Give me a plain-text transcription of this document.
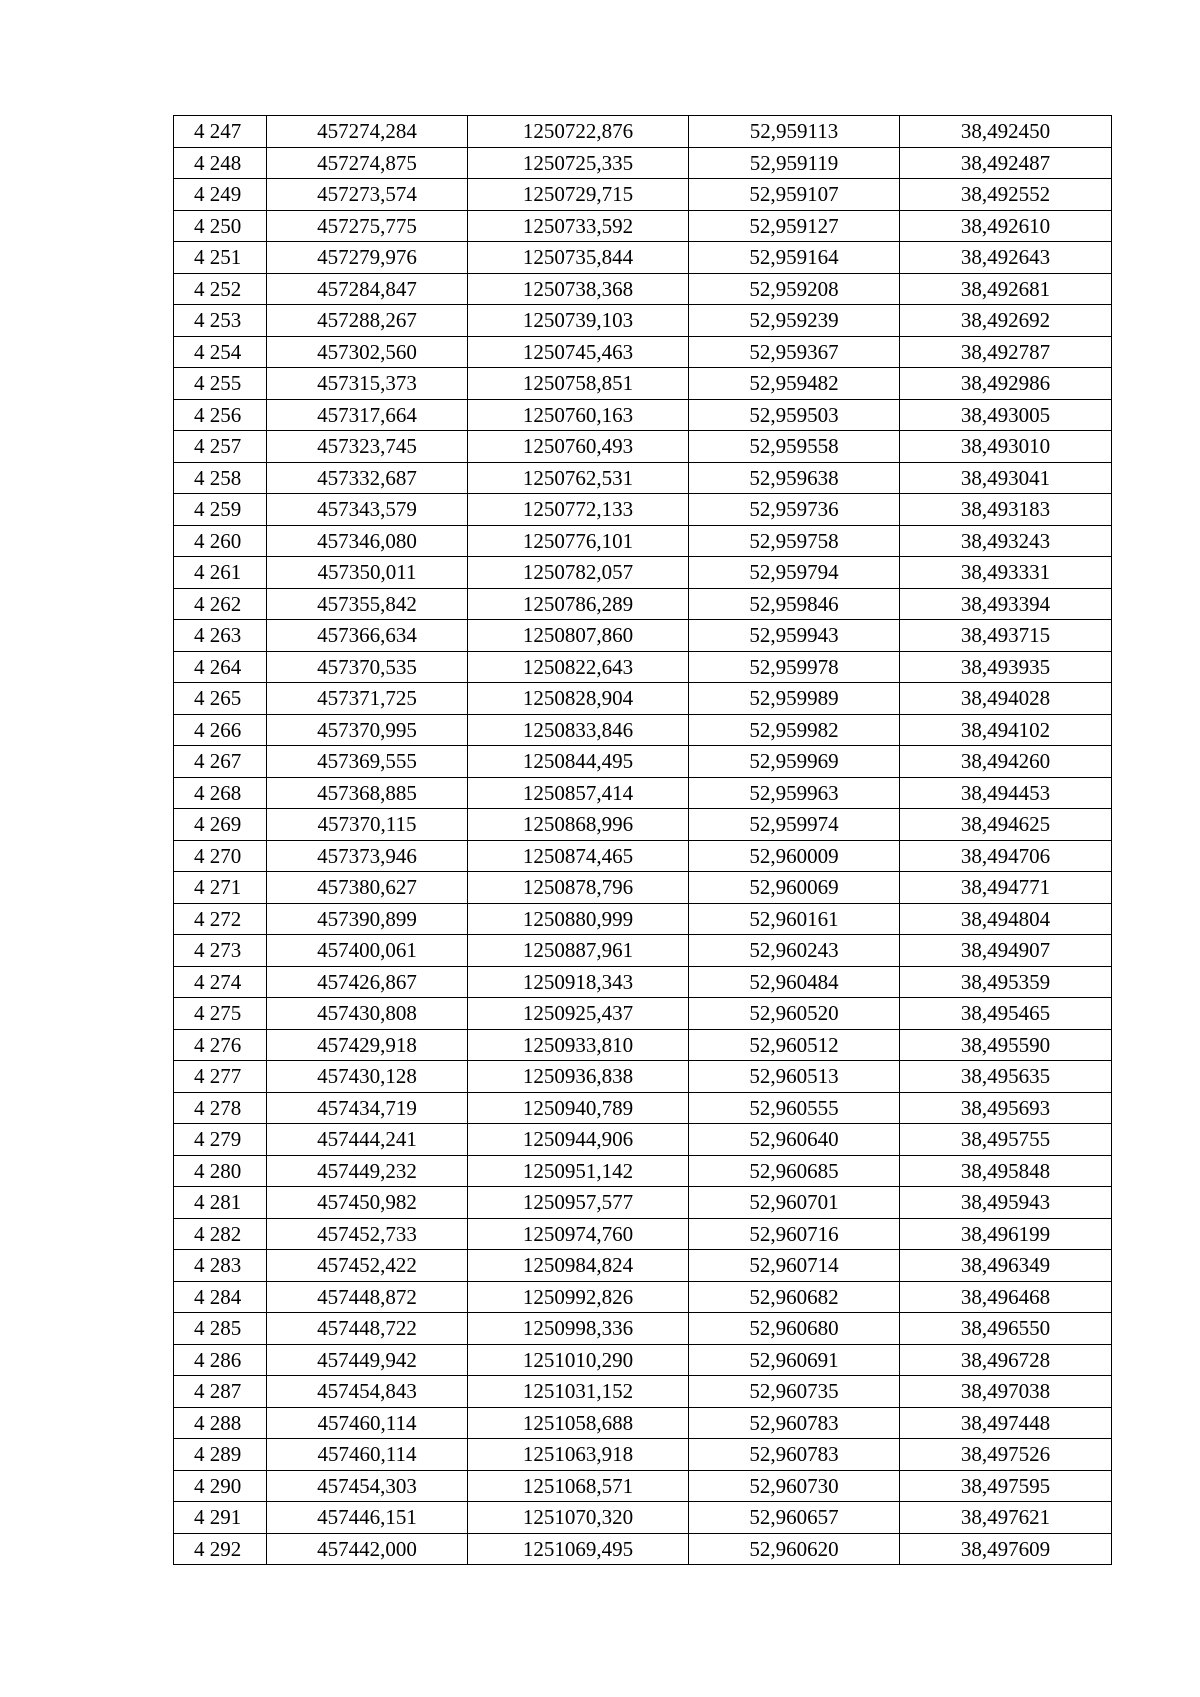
4 247	457274,284	1250722,876	52,959113	38,492450
4 248	457274,875	1250725,335	52,959119	38,492487
4 249	457273,574	1250729,715	52,959107	38,492552
4 250	457275,775	1250733,592	52,959127	38,492610
4 251	457279,976	1250735,844	52,959164	38,492643
4 252	457284,847	1250738,368	52,959208	38,492681
4 253	457288,267	1250739,103	52,959239	38,492692
4 254	457302,560	1250745,463	52,959367	38,492787
4 255	457315,373	1250758,851	52,959482	38,492986
4 256	457317,664	1250760,163	52,959503	38,493005
4 257	457323,745	1250760,493	52,959558	38,493010
4 258	457332,687	1250762,531	52,959638	38,493041
4 259	457343,579	1250772,133	52,959736	38,493183
4 260	457346,080	1250776,101	52,959758	38,493243
4 261	457350,011	1250782,057	52,959794	38,493331
4 262	457355,842	1250786,289	52,959846	38,493394
4 263	457366,634	1250807,860	52,959943	38,493715
4 264	457370,535	1250822,643	52,959978	38,493935
4 265	457371,725	1250828,904	52,959989	38,494028
4 266	457370,995	1250833,846	52,959982	38,494102
4 267	457369,555	1250844,495	52,959969	38,494260
4 268	457368,885	1250857,414	52,959963	38,494453
4 269	457370,115	1250868,996	52,959974	38,494625
4 270	457373,946	1250874,465	52,960009	38,494706
4 271	457380,627	1250878,796	52,960069	38,494771
4 272	457390,899	1250880,999	52,960161	38,494804
4 273	457400,061	1250887,961	52,960243	38,494907
4 274	457426,867	1250918,343	52,960484	38,495359
4 275	457430,808	1250925,437	52,960520	38,495465
4 276	457429,918	1250933,810	52,960512	38,495590
4 277	457430,128	1250936,838	52,960513	38,495635
4 278	457434,719	1250940,789	52,960555	38,495693
4 279	457444,241	1250944,906	52,960640	38,495755
4 280	457449,232	1250951,142	52,960685	38,495848
4 281	457450,982	1250957,577	52,960701	38,495943
4 282	457452,733	1250974,760	52,960716	38,496199
4 283	457452,422	1250984,824	52,960714	38,496349
4 284	457448,872	1250992,826	52,960682	38,496468
4 285	457448,722	1250998,336	52,960680	38,496550
4 286	457449,942	1251010,290	52,960691	38,496728
4 287	457454,843	1251031,152	52,960735	38,497038
4 288	457460,114	1251058,688	52,960783	38,497448
4 289	457460,114	1251063,918	52,960783	38,497526
4 290	457454,303	1251068,571	52,960730	38,497595
4 291	457446,151	1251070,320	52,960657	38,497621
4 292	457442,000	1251069,495	52,960620	38,497609
